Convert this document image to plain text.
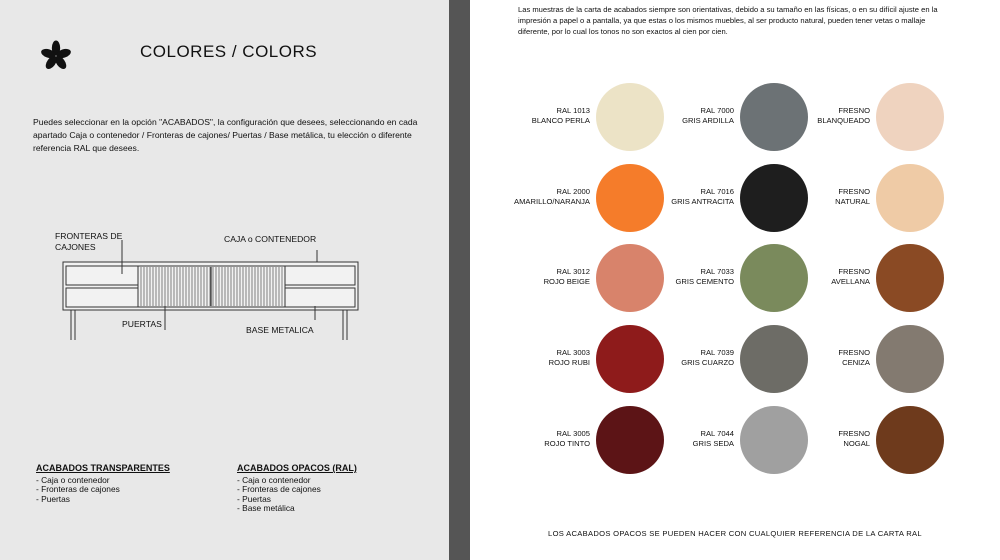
COLORES / COLORS
Puedes seleccionar en la opción "ACABADOS", la configuración que desees, seleccionando en cada apartado Caja o contenedor / Fronteras de cajones/ Puertas / Base metálica, tu elección o diferente referencia RAL que desees.
FRONTERAS DE CAJONES
CAJA o CONTENEDOR
PUERTAS
BASE METALICA
ACABADOS TRANSPARENTES
- Caja o contenedor
- Fronteras de cajones
- Puertas
ACABADOS OPACOS (RAL)
- Caja o contenedor
- Fronteras de cajones
- Puertas
- Base metálica
Las muestras de la carta de acabados siempre son orientativas, debido a su tamaño en las físicas, o en su difícil ajuste en la impresión a papel o a pantalla, ya que estas o los mismos muebles, al ser producto natural, pueden tener vetas o mallaje diferente, por lo cual los tonos no son exactos al cien por cien.
RAL 1013
BLANCO PERLA
RAL 7000
GRIS ARDILLA
FRESNO
BLANQUEADO
RAL 2000
AMARILLO/NARANJA
RAL 7016
GRIS ANTRACITA
FRESNO
NATURAL
RAL 3012
ROJO BEIGE
RAL 7033
GRIS CEMENTO
FRESNO
AVELLANA
RAL 3003
ROJO RUBI
RAL 7039
GRIS CUARZO
FRESNO
CENIZA
RAL 3005
ROJO TINTO
RAL 7044
GRIS SEDA
FRESNO
NOGAL
LOS ACABADOS OPACOS SE PUEDEN HACER CON CUALQUIER REFERENCIA DE LA CARTA RAL
